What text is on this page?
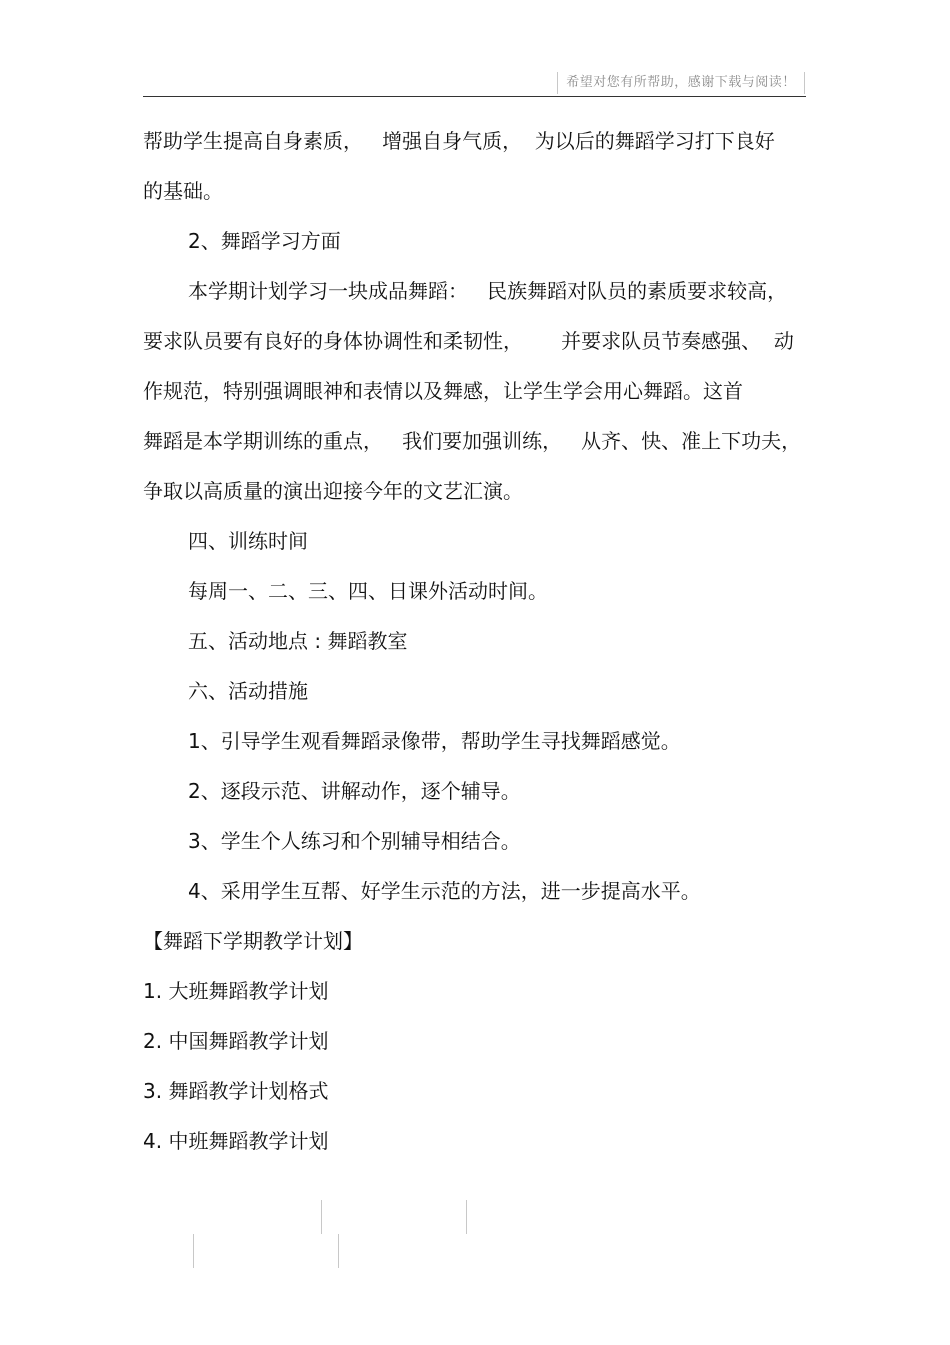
希望对您有所帮助，感谢下载与阅读！
帮助学生提高自身素质，   增强自身气质，  为以后的舞蹈学习打下良好
的基础。
2、舞蹈学习方面
本学期计划学习一块成品舞蹈：   民族舞蹈对队员的素质要求较高，
要求队员要有良好的身体协调性和柔韧性，      并要求队员节奏感强、  动
作规范，特别强调眼神和表情以及舞感，让学生学会用心舞蹈。这首
舞蹈是本学期训练的重点，   我们要加强训练，   从齐、快、准上下功夫，
争取以高质量的演出迎接今年的文艺汇演。
四、训练时间
每周一、二、三、四、日课外活动时间。
五、活动地点 : 舞蹈教室
六、活动措施
1、引导学生观看舞蹈录像带，帮助学生寻找舞蹈感觉。
2、逐段示范、讲解动作，逐个辅导。
3、学生个人练习和个别辅导相结合。
4、采用学生互帮、好学生示范的方法，进一步提高水平。
【舞蹈下学期教学计划】
1. 大班舞蹈教学计划
2. 中国舞蹈教学计划
3. 舞蹈教学计划格式
4. 中班舞蹈教学计划
